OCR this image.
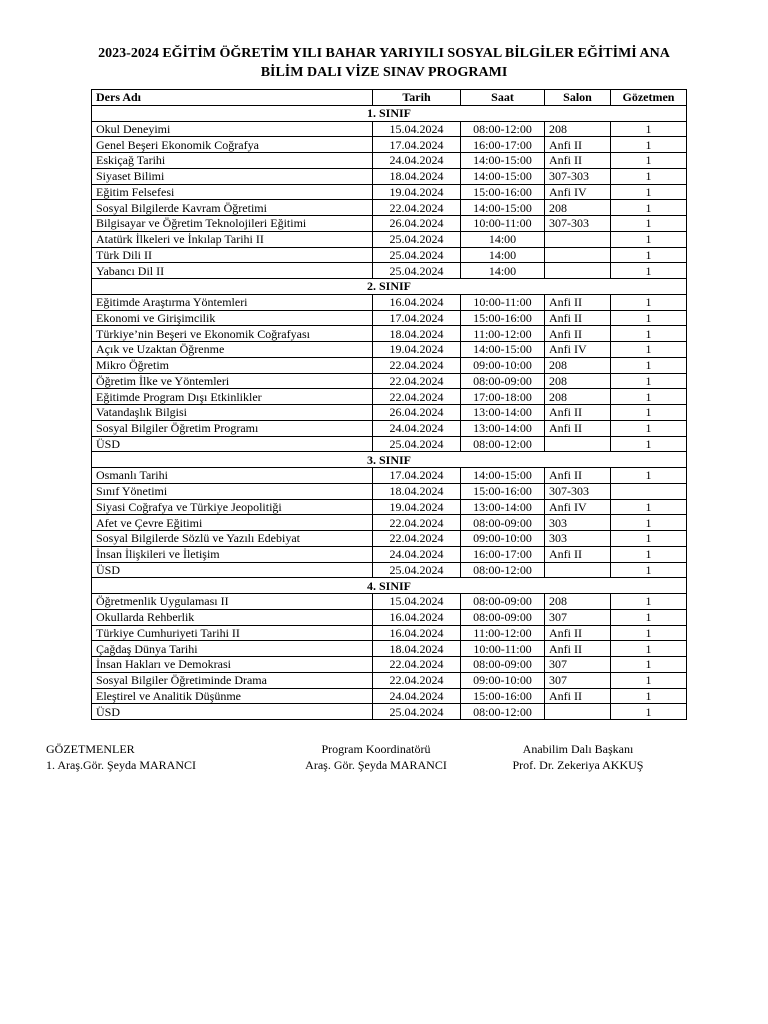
2023-2024 EĞİTİM ÖĞRETİM YILI BAHAR YARIYILI SOSYAL BİLGİLER EĞİTİMİ ANA
BİLİM DALI VİZE SINAV PROGRAMI
Ders Adı	Tarih	Saat	Salon	Gözetmen
1. SINIF				
Okul Deneyimi	15.04.2024	08:00-12:00	208	1
Genel Beşeri Ekonomik Coğrafya	17.04.2024	16:00-17:00	Anfi II	1
Eskiçağ Tarihi	24.04.2024	14:00-15:00	Anfi II	1
Siyaset Bilimi	18.04.2024	14:00-15:00	307-303	1
Eğitim Felsefesi	19.04.2024	15:00-16:00	Anfi IV	1
Sosyal Bilgilerde Kavram Öğretimi	22.04.2024	14:00-15:00	208	1
Bilgisayar ve Öğretim Teknolojileri Eğitimi	26.04.2024	10:00-11:00	307-303	1
Atatürk İlkeleri ve İnkılap Tarihi II	25.04.2024	14:00		1
Türk Dili II	25.04.2024	14:00		1
Yabancı Dil II	25.04.2024	14:00		1
2. SINIF				
Eğitimde Araştırma Yöntemleri	16.04.2024	10:00-11:00	Anfi II	1
Ekonomi ve Girişimcilik	17.04.2024	15:00-16:00	Anfi II	1
Türkiye’nin Beşeri ve Ekonomik Coğrafyası	18.04.2024	11:00-12:00	Anfi II	1
Açık ve Uzaktan Öğrenme	19.04.2024	14:00-15:00	Anfi IV	1
Mikro Öğretim	22.04.2024	09:00-10:00	208	1
Öğretim İlke ve Yöntemleri	22.04.2024	08:00-09:00	208	1
Eğitimde Program Dışı Etkinlikler	22.04.2024	17:00-18:00	208	1
Vatandaşlık Bilgisi	26.04.2024	13:00-14:00	Anfi II	1
Sosyal Bilgiler Öğretim Programı	24.04.2024	13:00-14:00	Anfi II	1
ÜSD	25.04.2024	08:00-12:00		1
3. SINIF				
Osmanlı Tarihi	17.04.2024	14:00-15:00	Anfi II	1
Sınıf Yönetimi	18.04.2024	15:00-16:00	307-303	
Siyasi Coğrafya ve Türkiye Jeopolitiği	19.04.2024	13:00-14:00	Anfi IV	1
Afet ve Çevre Eğitimi	22.04.2024	08:00-09:00	303	1
Sosyal Bilgilerde Sözlü ve Yazılı Edebiyat	22.04.2024	09:00-10:00	303	1
İnsan İlişkileri ve İletişim	24.04.2024	16:00-17:00	Anfi II	1
ÜSD	25.04.2024	08:00-12:00		1
4. SINIF				
Öğretmenlik Uygulaması II	15.04.2024	08:00-09:00	208	1
Okullarda Rehberlik	16.04.2024	08:00-09:00	307	1
Türkiye Cumhuriyeti Tarihi II	16.04.2024	11:00-12:00	Anfi II	1
Çağdaş Dünya Tarihi	18.04.2024	10:00-11:00	Anfi II	1
İnsan Hakları ve Demokrasi	22.04.2024	08:00-09:00	307	1
Sosyal Bilgiler Öğretiminde Drama	22.04.2024	09:00-10:00	307	1
Eleştirel ve Analitik Düşünme	24.04.2024	15:00-16:00	Anfi II	1
ÜSD	25.04.2024	08:00-12:00		1
GÖZETMENLER
1. Araş.Gör. Şeyda MARANCI
Program Koordinatörü
Araş. Gör. Şeyda MARANCI
Anabilim Dalı Başkanı
Prof. Dr. Zekeriya AKKUŞ
